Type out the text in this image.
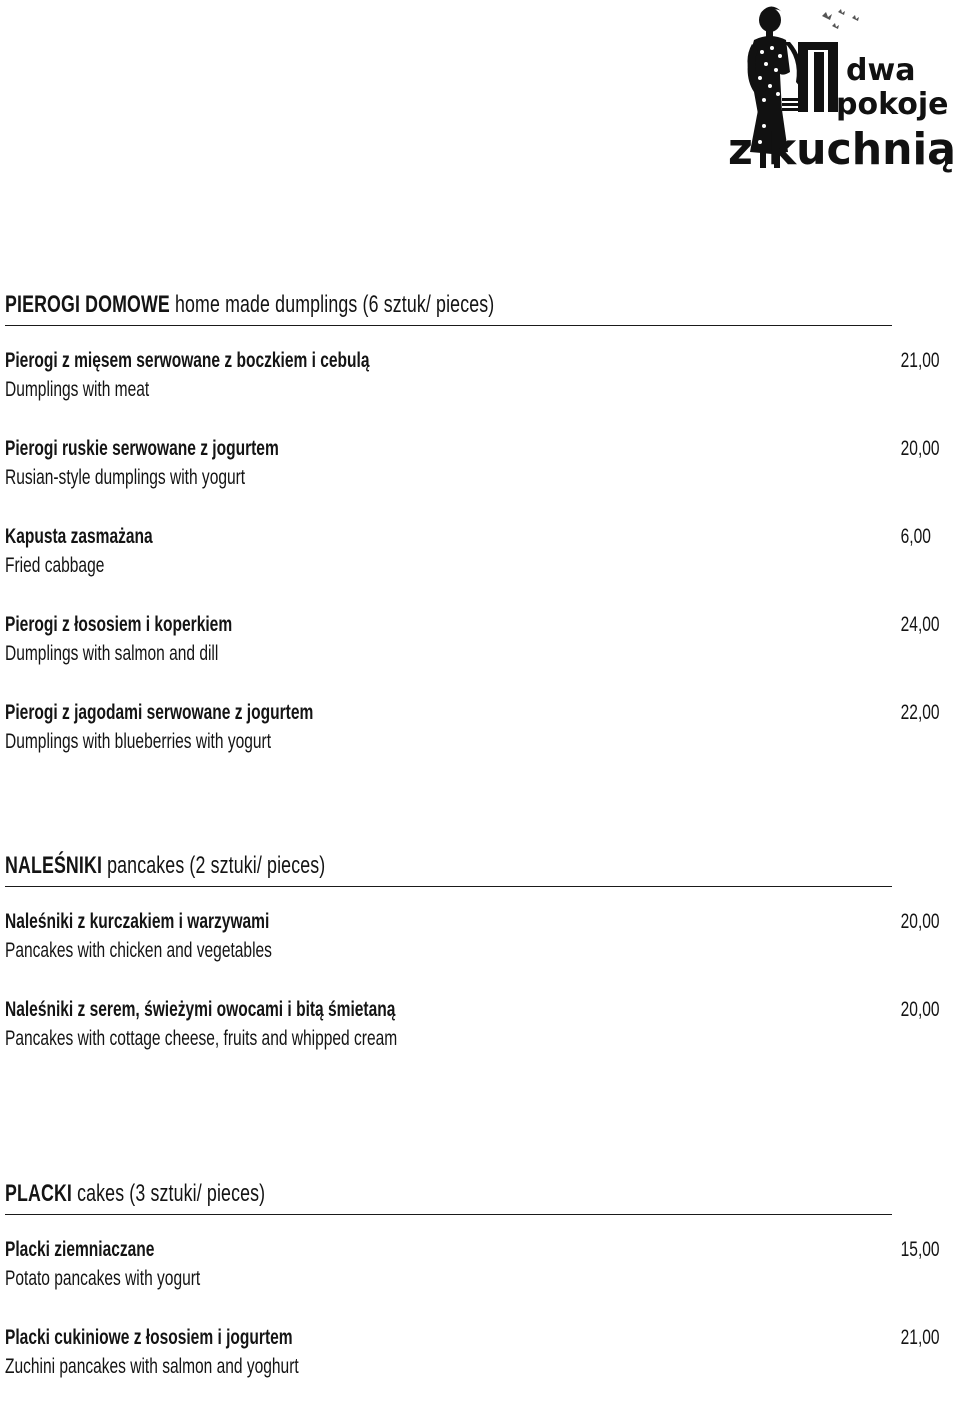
dwa
pokoje
z kuchnią
PIEROGI DOMOWE home made dumplings (6 sztuk/ pieces)
Pierogi z mięsem serwowane z boczkiem i cebulą
Dumplings with meat
21,00
Pierogi ruskie serwowane z jogurtem
Rusian-style dumplings with yogurt
20,00
Kapusta zasmażana
Fried cabbage
6,00
Pierogi z łososiem i koperkiem
Dumplings with salmon and dill
24,00
Pierogi z jagodami serwowane z jogurtem
Dumplings with blueberries with yogurt
22,00
NALEŚNIKI pancakes (2 sztuki/ pieces)
Naleśniki z kurczakiem i warzywami
Pancakes with chicken and vegetables
20,00
Naleśniki z serem, świeżymi owocami i bitą śmietaną
Pancakes with cottage cheese, fruits and whipped cream
20,00
PLACKI cakes (3 sztuki/ pieces)
Placki ziemniaczane
Potato pancakes with yogurt
15,00
Placki cukiniowe z łososiem i jogurtem
Zuchini pancakes with salmon and yoghurt
21,00
